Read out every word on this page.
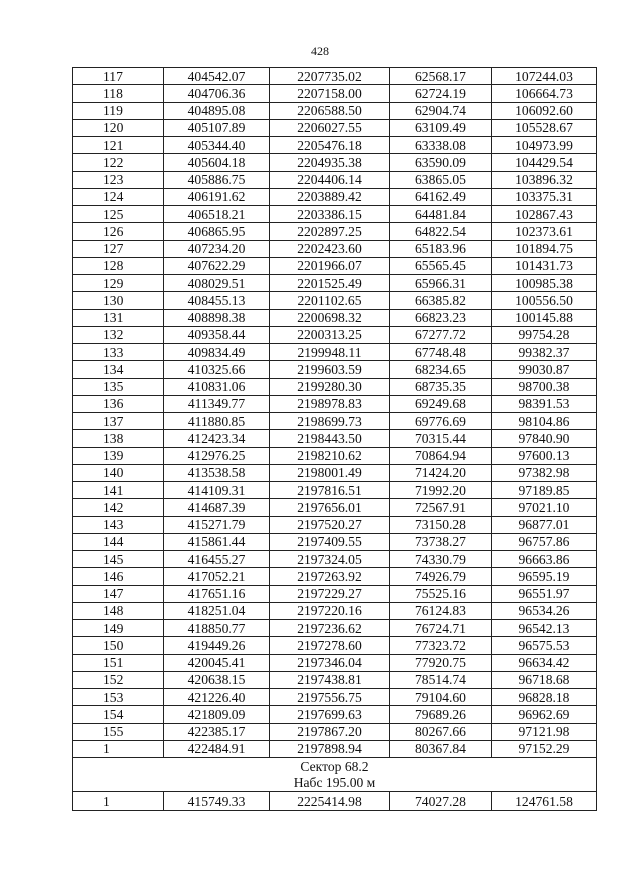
428
117	404542.07	2207735.02	62568.17	107244.03
118	404706.36	2207158.00	62724.19	106664.73
119	404895.08	2206588.50	62904.74	106092.60
120	405107.89	2206027.55	63109.49	105528.67
121	405344.40	2205476.18	63338.08	104973.99
122	405604.18	2204935.38	63590.09	104429.54
123	405886.75	2204406.14	63865.05	103896.32
124	406191.62	2203889.42	64162.49	103375.31
125	406518.21	2203386.15	64481.84	102867.43
126	406865.95	2202897.25	64822.54	102373.61
127	407234.20	2202423.60	65183.96	101894.75
128	407622.29	2201966.07	65565.45	101431.73
129	408029.51	2201525.49	65966.31	100985.38
130	408455.13	2201102.65	66385.82	100556.50
131	408898.38	2200698.32	66823.23	100145.88
132	409358.44	2200313.25	67277.72	99754.28
133	409834.49	2199948.11	67748.48	99382.37
134	410325.66	2199603.59	68234.65	99030.87
135	410831.06	2199280.30	68735.35	98700.38
136	411349.77	2198978.83	69249.68	98391.53
137	411880.85	2198699.73	69776.69	98104.86
138	412423.34	2198443.50	70315.44	97840.90
139	412976.25	2198210.62	70864.94	97600.13
140	413538.58	2198001.49	71424.20	97382.98
141	414109.31	2197816.51	71992.20	97189.85
142	414687.39	2197656.01	72567.91	97021.10
143	415271.79	2197520.27	73150.28	96877.01
144	415861.44	2197409.55	73738.27	96757.86
145	416455.27	2197324.05	74330.79	96663.86
146	417052.21	2197263.92	74926.79	96595.19
147	417651.16	2197229.27	75525.16	96551.97
148	418251.04	2197220.16	76124.83	96534.26
149	418850.77	2197236.62	76724.71	96542.13
150	419449.26	2197278.60	77323.72	96575.53
151	420045.41	2197346.04	77920.75	96634.42
152	420638.15	2197438.81	78514.74	96718.68
153	421226.40	2197556.75	79104.60	96828.18
154	421809.09	2197699.63	79689.26	96962.69
155	422385.17	2197867.20	80267.66	97121.98
1	422484.91	2197898.94	80367.84	97152.29

Сектор 68.2
Набс 195.00 м				

1	415749.33	2225414.98	74027.28	124761.58
